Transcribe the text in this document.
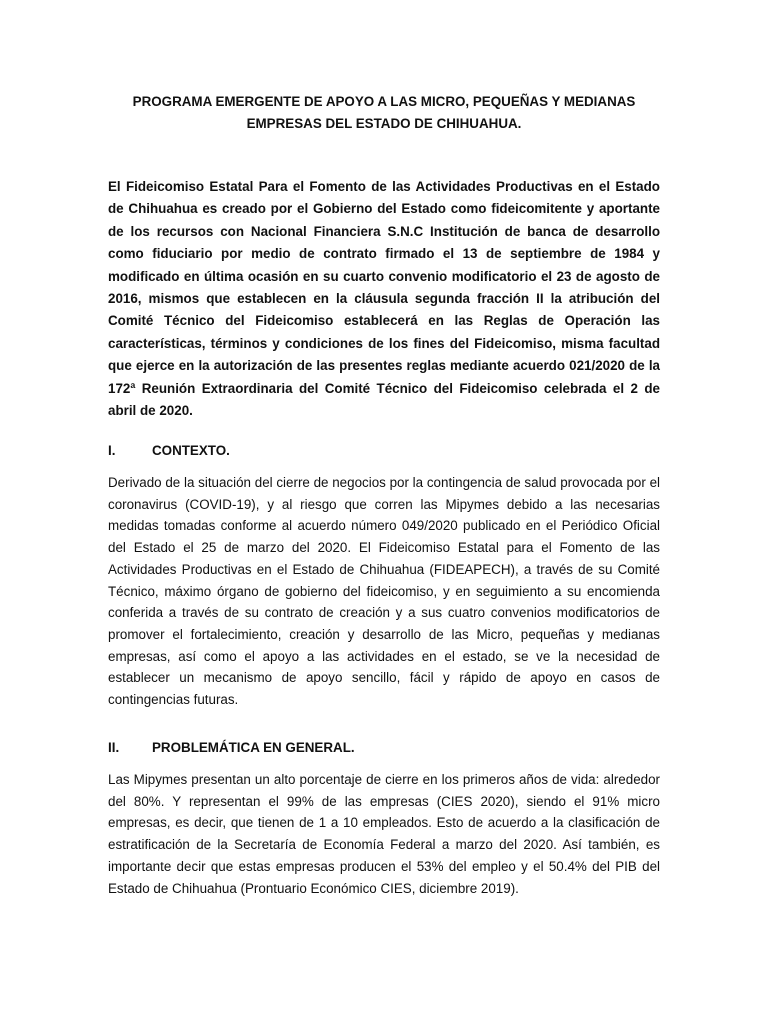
PROGRAMA EMERGENTE DE APOYO A LAS MICRO, PEQUEÑAS Y MEDIANAS EMPRESAS DEL ESTADO DE CHIHUAHUA.

El Fideicomiso Estatal Para el Fomento de las Actividades Productivas en el Estado de Chihuahua es creado por el Gobierno del Estado como fideicomitente y aportante de los recursos con Nacional Financiera S.N.C Institución de banca de desarrollo como fiduciario por medio de contrato firmado el 13 de septiembre de 1984 y modificado en última ocasión en su cuarto convenio modificatorio el 23 de agosto de 2016, mismos que establecen en la cláusula segunda fracción II la atribución del Comité Técnico del Fideicomiso establecerá en las Reglas de Operación las características, términos y condiciones de los fines del Fideicomiso, misma facultad que ejerce en la autorización de las presentes reglas mediante acuerdo 021/2020 de la 172ª Reunión Extraordinaria del Comité Técnico del Fideicomiso celebrada el 2 de abril de 2020.

I.	CONTEXTO.

Derivado de la situación del cierre de negocios por la contingencia de salud provocada por el coronavirus (COVID-19), y al riesgo que corren las Mipymes debido a las necesarias medidas tomadas conforme al acuerdo número 049/2020 publicado en el Periódico Oficial del Estado el 25 de marzo del 2020. El Fideicomiso Estatal para el Fomento de las Actividades Productivas en el Estado de Chihuahua (FIDEAPECH), a través de su Comité Técnico, máximo órgano de gobierno del fideicomiso, y en seguimiento a su encomienda conferida a través de su contrato de creación y a sus cuatro convenios modificatorios de promover el fortalecimiento, creación y desarrollo de las Micro, pequeñas y medianas empresas, así como el apoyo a las actividades en el estado, se ve la necesidad de establecer un mecanismo de apoyo sencillo, fácil y rápido de apoyo en casos de contingencias futuras.

II. PROBLEMÁTICA EN GENERAL.

Las Mipymes presentan un alto porcentaje de cierre en los primeros años de vida: alrededor del 80%. Y representan el 99% de las empresas (CIES 2020), siendo el 91% micro empresas, es decir, que tienen de 1 a 10 empleados. Esto de acuerdo a la clasificación de estratificación de la Secretaría de Economía Federal a marzo del 2020. Así también, es importante decir que estas empresas producen el 53% del empleo y el 50.4% del PIB del Estado de Chihuahua (Prontuario Económico CIES, diciembre 2019).
